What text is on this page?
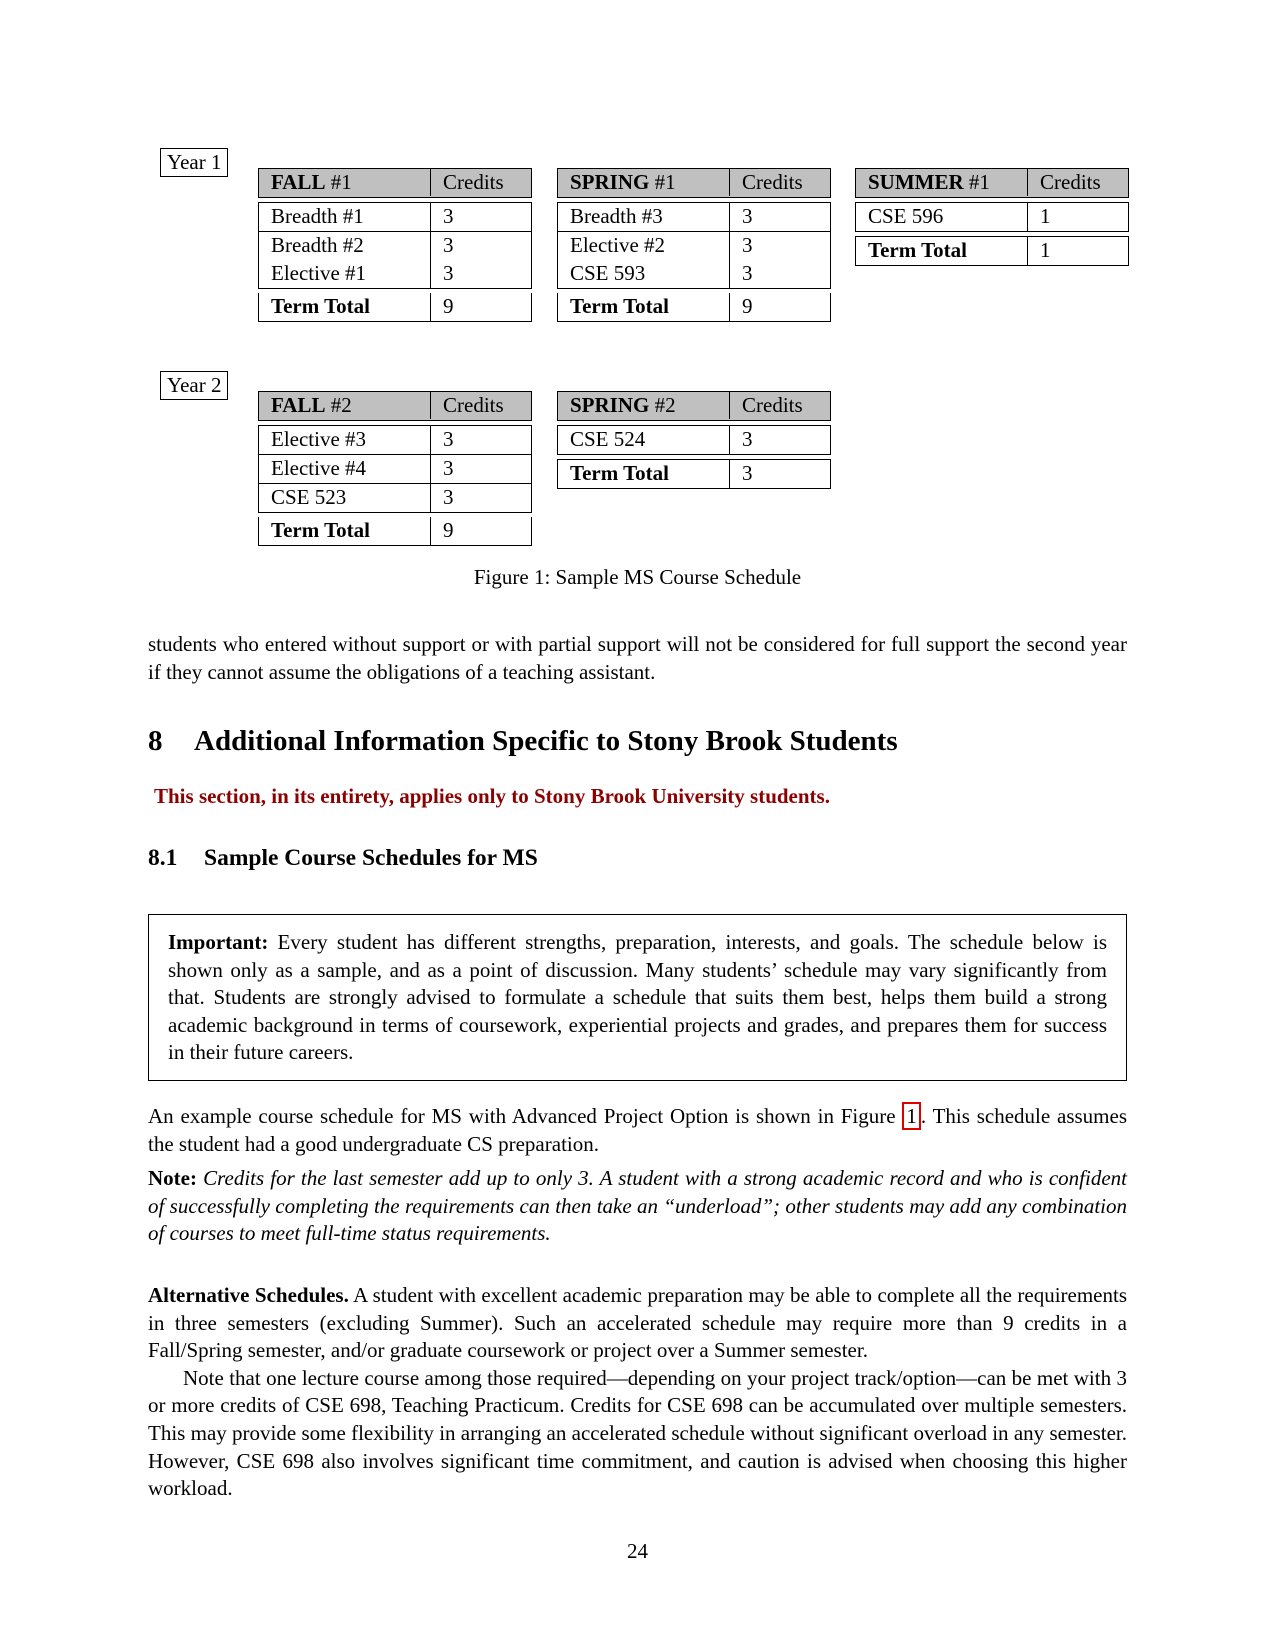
Year 1
FALL #1	Credits
Breadth #1	3
Breadth #2	3
Elective #1	3
Term Total	9
SPRING #1	Credits
Breadth #3	3
Elective #2	3
CSE 593	3
Term Total	9
SUMMER #1	Credits
CSE 596	1
Term Total	1
Year 2
FALL #2	Credits
Elective #3	3
Elective #4	3
CSE 523	3
Term Total	9
SPRING #2	Credits
CSE 524	3
Term Total	3
Figure 1: Sample MS Course Schedule

students who entered without support or with partial support will not be considered for full support the second year if they cannot assume the obligations of a teaching assistant.

8 Additional Information Specific to Stony Brook Students
This section, in its entirety, applies only to Stony Brook University students.
8.1 Sample Course Schedules for MS

Important: Every student has different strengths, preparation, interests, and goals. The schedule below is shown only as a sample, and as a point of discussion. Many students’ schedule may vary significantly from that. Students are strongly advised to formulate a schedule that suits them best, helps them build a strong academic background in terms of coursework, experiential projects and grades, and prepares them for success in their future careers.

An example course schedule for MS with Advanced Project Option is shown in Figure 1 . This schedule assumes the student had a good undergraduate CS preparation.

Note: Credits for the last semester add up to only 3. A student with a strong academic record and who is confident of successfully completing the requirements can then take an “underload”; other students may add any combination of courses to meet full-time status requirements.

Alternative Schedules. A student with excellent academic preparation may be able to complete all the requirements in three semesters (excluding Summer). Such an accelerated schedule may require more than 9 credits in a Fall/Spring semester, and/or graduate coursework or project over a Summer semester.

Note that one lecture course among those required—depending on your project track/option—can be met with 3 or more credits of CSE 698, Teaching Practicum. Credits for CSE 698 can be accumulated over multiple semesters. This may provide some flexibility in arranging an accelerated schedule without significant overload in any semester. However, CSE 698 also involves significant time commitment, and caution is advised when choosing this higher workload.

24
